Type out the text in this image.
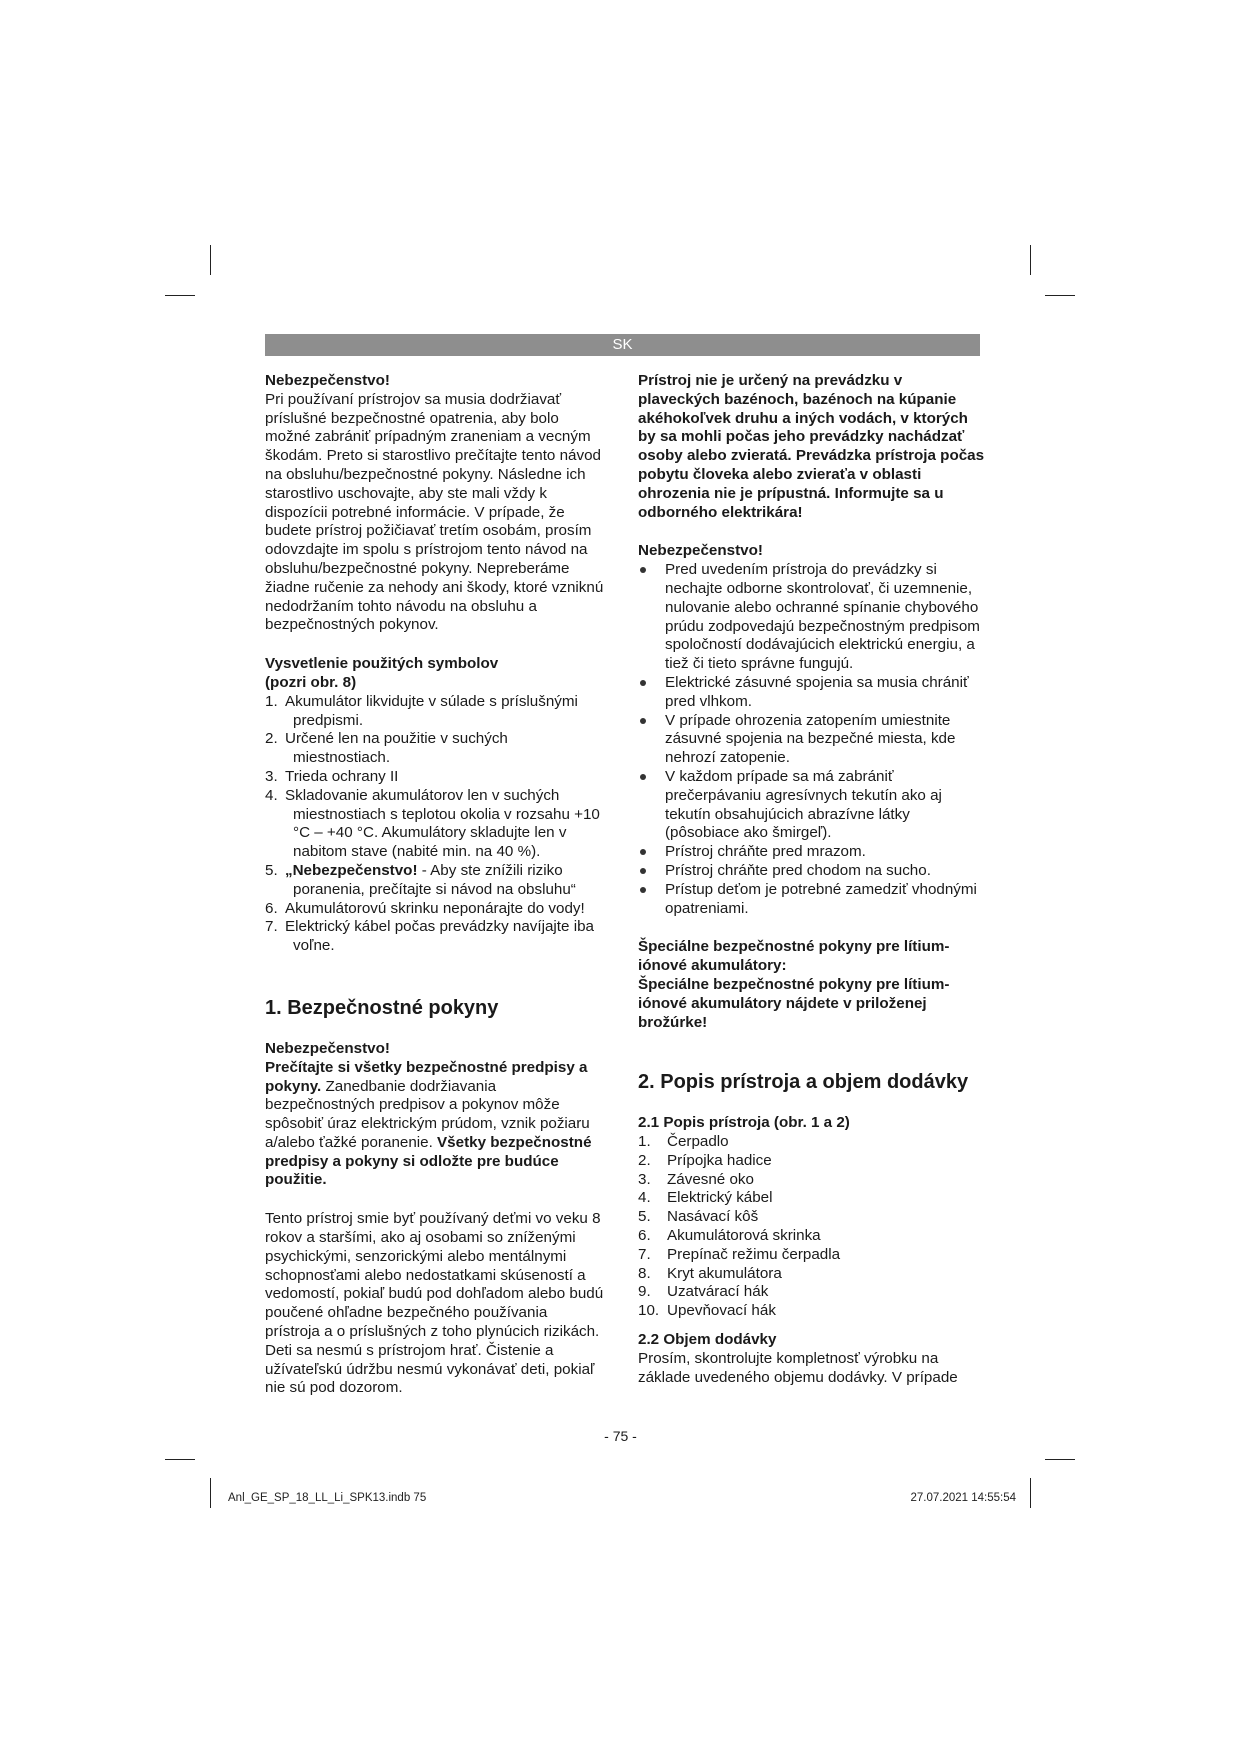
SK

Nebezpečenstvo!

Pri používaní prístrojov sa musia dodržiavať príslušné bezpečnostné opatrenia, aby bolo možné zabrániť prípadným zraneniam a vecným škodám. Preto si starostlivo prečítajte tento návod na obsluhu/bezpečnostné pokyny. Následne ich starostlivo uschovajte, aby ste mali vždy k dispozícii potrebné informácie. V prípade, že budete prístroj požičiavať tretím osobám, prosím odovzdajte im spolu s prístrojom tento návod na obsluhu/bezpečnostné pokyny. Nepreberáme žiadne ručenie za nehody ani škody, ktoré vzniknú nedodržaním tohto návodu na obsluhu a bezpečnostných pokynov.

Vysvetlenie použitých symbolov

(pozri obr. 8)

1. Akumulátor likvidujte v súlade s príslušnými predpismi.
2. Určené len na použitie v suchých miestnostiach.
3. Trieda ochrany II
4. Skladovanie akumulátorov len v suchých miestnostiach s teplotou okolia v rozsahu +10 °C – +40 °C. Akumulátory skladujte len v nabitom stave (nabité min. na 40 %).
5. „Nebezpečenstvo! - Aby ste znížili riziko poranenia, prečítajte si návod na obsluhu“
6. Akumulátorovú skrinku neponárajte do vody!
7. Elektrický kábel počas prevádzky navíjajte iba voľne.
1. Bezpečnostné pokyny

Nebezpečenstvo!

Prečítajte si všetky bezpečnostné predpisy a pokyny. Zanedbanie dodržiavania bezpečnostných predpisov a pokynov môže spôsobiť úraz elektrickým prúdom, vznik požiaru a/alebo ťažké poranenie. Všetky bezpečnostné predpisy a pokyny si odložte pre budúce použitie.

Tento prístroj smie byť používaný deťmi vo veku 8 rokov a staršími, ako aj osobami so zníženými psychickými, senzorickými alebo mentálnymi schopnosťami alebo nedostatkami skúseností a vedomostí, pokiaľ budú pod dohľadom alebo budú poučené ohľadne bezpečného používania prístroja a o príslušných z toho plynúcich rizikách. Deti sa nesmú s prístrojom hrať. Čistenie a užívateľskú údržbu nesmú vykonávať deti, pokiaľ nie sú pod dozorom.

Prístroj nie je určený na prevádzku v plaveckých bazénoch, bazénoch na kúpanie akéhokoľvek druhu a iných vodách, v ktorých by sa mohli počas jeho prevádzky nachádzať osoby alebo zvieratá. Prevádzka prístroja počas pobytu človeka alebo zvieraťa v oblasti ohrozenia nie je prípustná. Informujte sa u odborného elektrikára!

Nebezpečenstvo!

Pred uvedením prístroja do prevádzky si nechajte odborne skontrolovať, či uzemnenie, nulovanie alebo ochranné spínanie chybového prúdu zodpovedajú bezpečnostným predpisom spoločností dodávajúcich elektrickú energiu, a tiež či tieto správne fungujú.
Elektrické zásuvné spojenia sa musia chrániť pred vlhkom.
V prípade ohrozenia zatopením umiestnite zásuvné spojenia na bezpečné miesta, kde nehrozí zatopenie.
V každom prípade sa má zabrániť prečerpávaniu agresívnych tekutín ako aj tekutín obsahujúcich abrazívne látky (pôsobiace ako šmirgeľ).
Prístroj chráňte pred mrazom.
Prístroj chráňte pred chodom na sucho.
Prístup deťom je potrebné zamedziť vhodnými opatreniami.

Špeciálne bezpečnostné pokyny pre lítium-iónové akumulátory:

Špeciálne bezpečnostné pokyny pre lítium-iónové akumulátory nájdete v priloženej brožúrke!

2. Popis prístroja a objem dodávky

2.1 Popis prístroja (obr. 1 a 2)

1. Čerpadlo
2. Prípojka hadice
3. Závesné oko
4. Elektrický kábel
5. Nasávací kôš
6. Akumulátorová skrinka
7. Prepínač režimu čerpadla
8. Kryt akumulátora
9. Uzatvárací hák
10. Upevňovací hák

2.2 Objem dodávky

Prosím, skontrolujte kompletnosť výrobku na základe uvedeného objemu dodávky. V prípade

- 75 -
Anl_GE_SP_18_LL_Li_SPK13.indb 75	27.07.2021 14:55:54
